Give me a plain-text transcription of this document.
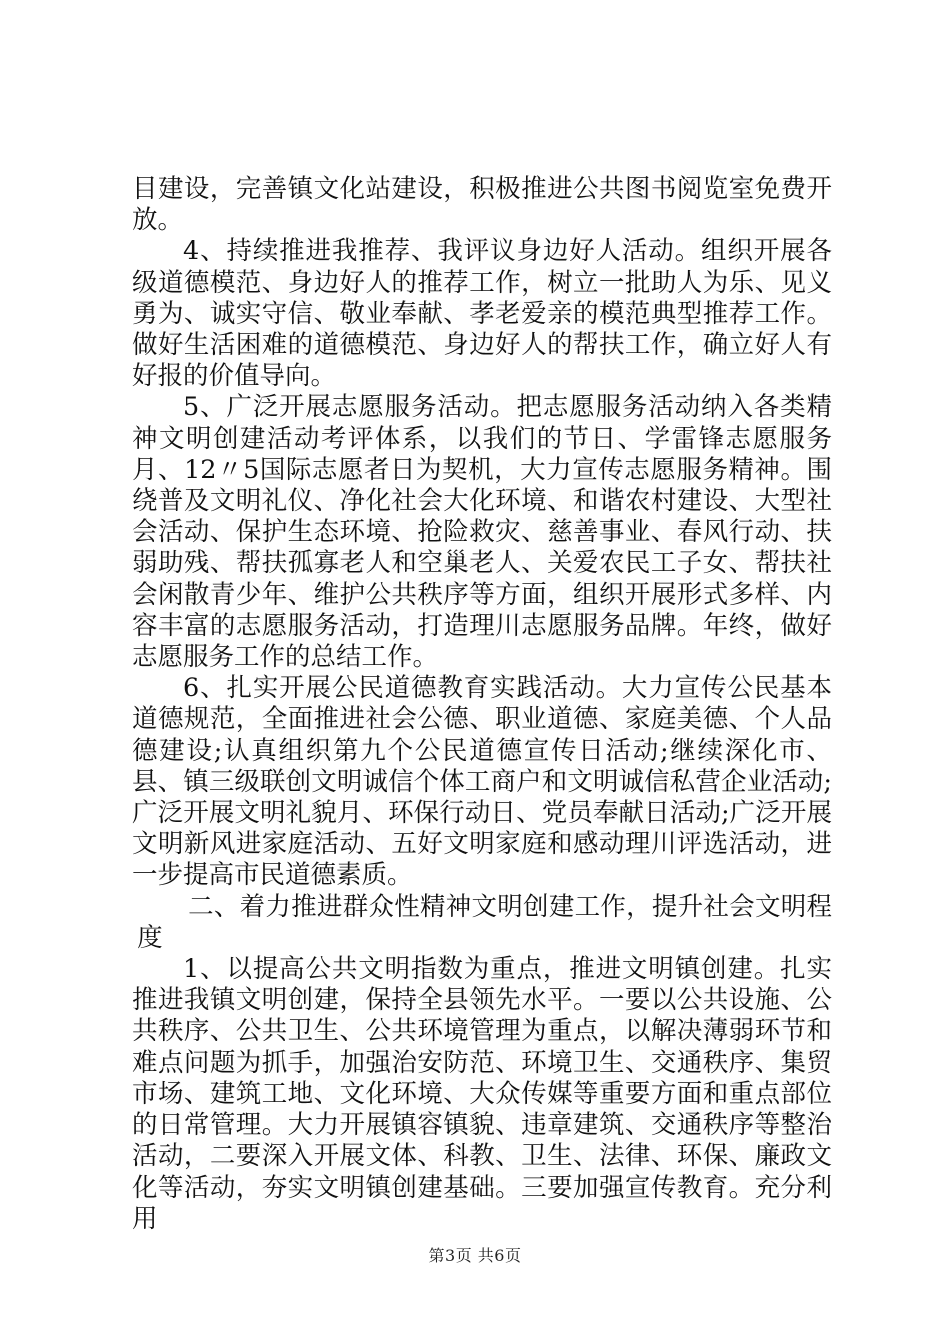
目建设，完善镇文化站建设，积极推进公共图书阅览室免费开放。

4、持续推进我推荐、我评议身边好人活动。组织开展各级道德模范、身边好人的推荐工作，树立一批助人为乐、见义勇为、诚实守信、敬业奉献、孝老爱亲的模范典型推荐工作。做好生活困难的道德模范、身边好人的帮扶工作，确立好人有好报的价值导向。

5、广泛开展志愿服务活动。把志愿服务活动纳入各类精神文明创建活动考评体系，以我们的节日、学雷锋志愿服务月、12〃5国际志愿者日为契机，大力宣传志愿服务精神。围绕普及文明礼仪、净化社会大化环境、和谐农村建设、大型社会活动、保护生态环境、抢险救灾、慈善事业、春风行动、扶弱助残、帮扶孤寡老人和空巢老人、关爱农民工子女、帮扶社会闲散青少年、维护公共秩序等方面，组织开展形式多样、内容丰富的志愿服务活动，打造理川志愿服务品牌。年终，做好志愿服务工作的总结工作。

6、扎实开展公民道德教育实践活动。大力宣传公民基本道德规范，全面推进社会公德、职业道德、家庭美德、个人品德建设;认真组织第九个公民道德宣传日活动;继续深化市、县、镇三级联创文明诚信个体工商户和文明诚信私营企业活动;广泛开展文明礼貌月、环保行动日、党员奉献日活动;广泛开展文明新风进家庭活动、五好文明家庭和感动理川评选活动，进一步提高市民道德素质。

二、着力推进群众性精神文明创建工作，提升社会文明程度

1、以提高公共文明指数为重点，推进文明镇创建。扎实推进我镇文明创建，保持全县领先水平。一要以公共设施、公共秩序、公共卫生、公共环境管理为重点，以解决薄弱环节和难点问题为抓手，加强治安防范、环境卫生、交通秩序、集贸市场、建筑工地、文化环境、大众传媒等重要方面和重点部位的日常管理。大力开展镇容镇貌、违章建筑、交通秩序等整治活动，二要深入开展文体、科教、卫生、法律、环保、廉政文化等活动，夯实文明镇创建基础。三要加强宣传教育。充分利用

第3页 共6页
